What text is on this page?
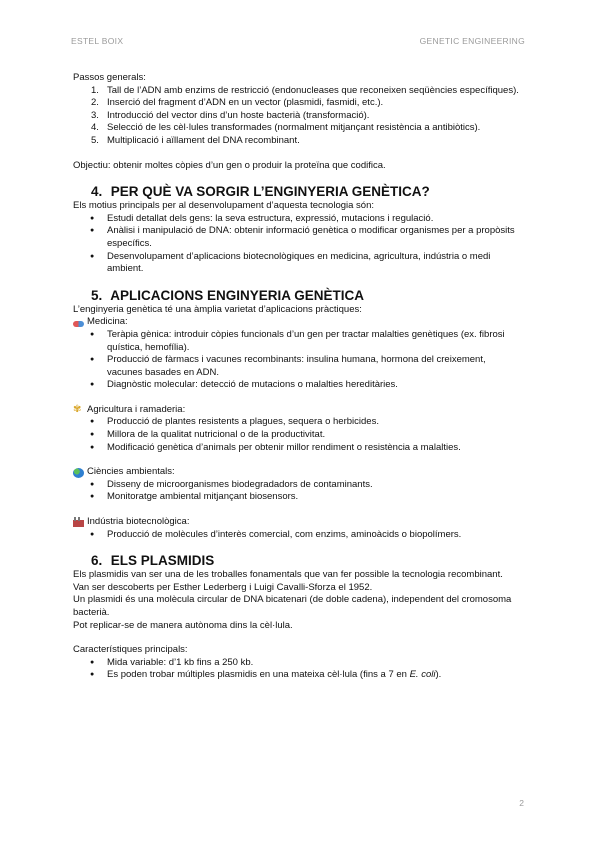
ESTEL BOIX	GENETIC ENGINEERING

Passos generals:

1. Tall de l’ADN amb enzims de restricció (endonucleases que reconeixen seqüències específiques).
2. Inserció del fragment d’ADN en un vector (plasmidi, fasmidi, etc.).
3. Introducció del vector dins d’un hoste bacterià (transformació).
4. Selecció de les cèl·lules transformades (normalment mitjançant resistència a antibiòtics).
5. Multiplicació i aïllament del DNA recombinant.

Objectiu: obtenir moltes còpies d’un gen o produir la proteïna que codifica.

4. PER QUÈ VA SORGIR L’ENGINYERIA GENÈTICA?

Els motius principals per al desenvolupament d’aquesta tecnologia són:

● Estudi detallat dels gens: la seva estructura, expressió, mutacions i regulació.
● Anàlisi i manipulació de DNA: obtenir informació genètica o modificar organismes per a propòsits específics.
● Desenvolupament d’aplicacions biotecnològiques en medicina, agricultura, indústria o medi ambient.
5. APLICACIONS ENGINYERIA GENÈTICA

L’enginyeria genètica té una àmplia varietat d’aplicacions pràctiques:

Medicina:
● Teràpia gènica: introduir còpies funcionals d’un gen per tractar malalties genètiques (ex. fibrosi quística, hemofília).
● Producció de fàrmacs i vacunes recombinants: insulina humana, hormona del creixement, vacunes basades en ADN.
● Diagnòstic molecular: detecció de mutacions o malalties hereditàries.
✾ Agricultura i ramaderia:
● Producció de plantes resistents a plagues, sequera o herbicides.
● Millora de la qualitat nutricional o de la productivitat.
● Modificació genètica d’animals per obtenir millor rendiment o resistència a malalties.
Ciències ambientals:
● Disseny de microorganismes biodegradadors de contaminants.
● Monitoratge ambiental mitjançant biosensors.
Indústria biotecnològica:
● Producció de molècules d’interès comercial, com enzims, aminoàcids o biopolímers.
6. ELS PLASMIDIS

Els plasmidis van ser una de les troballes fonamentals que van fer possible la tecnologia recombinant.

Van ser descoberts per Esther Lederberg i Luigi Cavalli-Sforza el 1952.

Un plasmidi és una molècula circular de DNA bicatenari (de doble cadena), independent del cromosoma bacterià.

Pot replicar-se de manera autònoma dins la cèl·lula.

Característiques principals:

● Mida variable: d’1 kb fins a 250 kb.
● Es poden trobar múltiples plasmidis en una mateixa cèl·lula (fins a 7 en E. coli).
2
